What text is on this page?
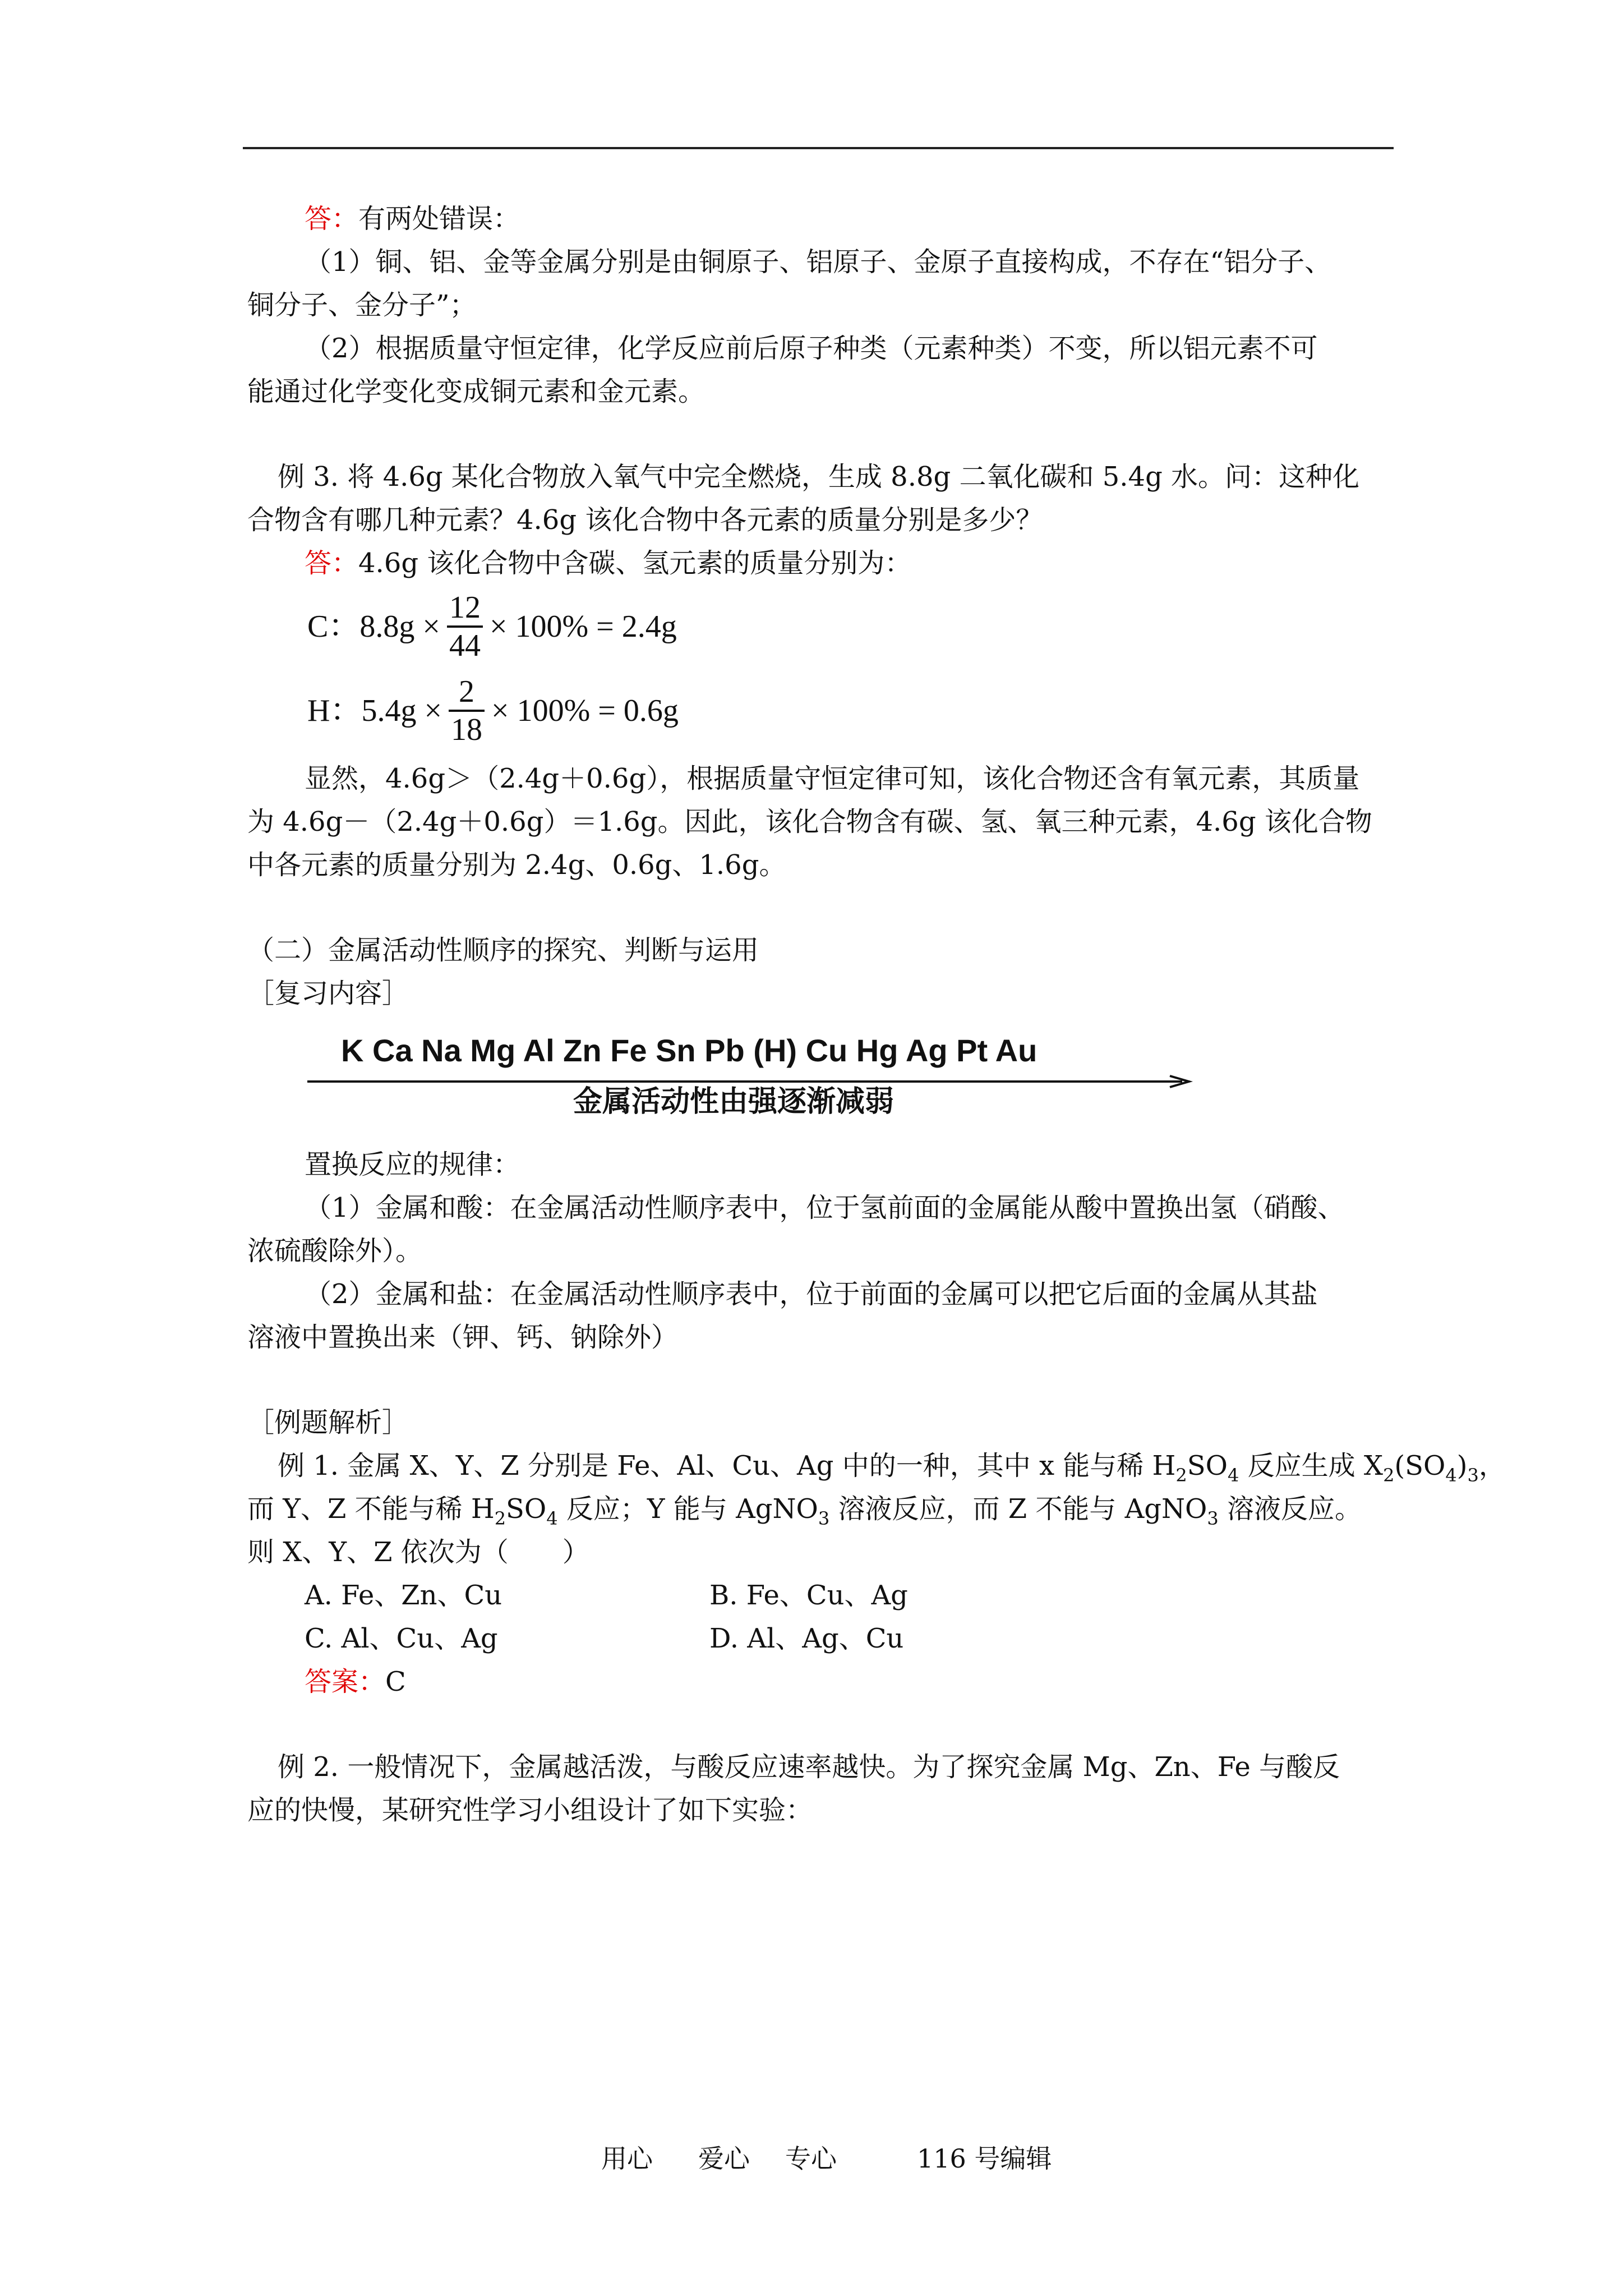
答：有两处错误：
（1）铜、铝、金等金属分别是由铜原子、铝原子、金原子直接构成，不存在“铝分子、
铜分子、金分子”；
（2）根据质量守恒定律，化学反应前后原子种类（元素种类）不变，所以铝元素不可
能通过化学变化变成铜元素和金元素。
例 3. 将 4.6g 某化合物放入氧气中完全燃烧，生成 8.8g 二氧化碳和 5.4g 水。问：这种化
合物含有哪几种元素？4.6g 该化合物中各元素的质量分别是多少？
答：4.6g 该化合物中含碳、氢元素的质量分别为：
C：$8.8g \times \frac{12}{44} \times 100\% = 2.4g$
H：$5.4g \times \frac{2}{18} \times 100\% = 0.6g$
显然，4.6g＞（2.4g＋0.6g），根据质量守恒定律可知，该化合物还含有氧元素，其质量
为 4.6g－（2.4g＋0.6g）＝1.6g。因此，该化合物含有碳、氢、氧三种元素，4.6g 该化合物
中各元素的质量分别为 2.4g、0.6g、1.6g。
（二）金属活动性顺序的探究、判断与运用
［复习内容］
K Ca Na Mg Al Zn Fe Sn Pb (H) Cu Hg Ag Pt Au
金属活动性由强逐渐减弱
置换反应的规律：
（1）金属和酸：在金属活动性顺序表中，位于氢前面的金属能从酸中置换出氢（硝酸、
浓硫酸除外）。
（2）金属和盐：在金属活动性顺序表中，位于前面的金属可以把它后面的金属从其盐
溶液中置换出来（钾、钙、钠除外）
［例题解析］
例 1. 金属 X、Y、Z 分别是 Fe、Al、Cu、Ag 中的一种，其中 x 能与稀 $H_2SO_4$ 反应生成 $X_2(SO_4)_3$，
而 Y、Z 不能与稀 $H_2SO_4$ 反应；Y 能与 AgNO$_3$ 溶液反应，而 Z 不能与 AgNO$_3$ 溶液反应。
则 X、Y、Z 依次为（　　）
A. Fe、Zn、Cu	B. Fe、Cu、Ag
C. Al、Cu、Ag	D. Al、Ag、Cu
答案：C
例 2. 一般情况下，金属越活泼，与酸反应速率越快。为了探究金属 Mg、Zn、Fe 与酸反
应的快慢，某研究性学习小组设计了如下实验：
用心 爱心 专心	116 号编辑
